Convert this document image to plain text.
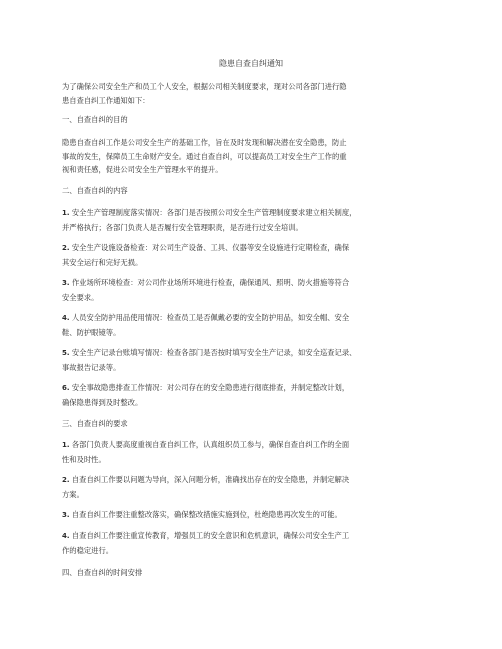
隐患自查自纠通知
为了确保公司安全生产和员工个人安全，根据公司相关制度要求，现对公司各部门进行隐
患自查自纠工作通知如下：
一、自查自纠的目的
隐患自查自纠工作是公司安全生产的基础工作，旨在及时发现和解决潜在安全隐患，防止
事故的发生，保障员工生命财产安全。通过自查自纠，可以提高员工对安全生产工作的重
视和责任感，促进公司安全生产管理水平的提升。
二、自查自纠的内容
1. 安全生产管理制度落实情况：各部门是否按照公司安全生产管理制度要求建立相关制度，
并严格执行；各部门负责人是否履行安全管理职责，是否进行过安全培训。
2. 安全生产设施设备检查：对公司生产设备、工具、仪器等安全设施进行定期检查，确保
其安全运行和完好无损。
3. 作业场所环境检查：对公司作业场所环境进行检查，确保通风、照明、防火措施等符合
安全要求。
4. 人员安全防护用品使用情况：检查员工是否佩戴必要的安全防护用品，如安全帽、安全
鞋、防护眼镜等。
5. 安全生产记录台账填写情况：检查各部门是否按时填写安全生产记录，如安全巡查记录、
事故报告记录等。
6. 安全事故隐患排查工作情况：对公司存在的安全隐患进行彻底排查，并制定整改计划，
确保隐患得到及时整改。
三、自查自纠的要求
1. 各部门负责人要高度重视自查自纠工作，认真组织员工参与，确保自查自纠工作的全面
性和及时性。
2. 自查自纠工作要以问题为导向，深入问题分析，准确找出存在的安全隐患，并制定解决
方案。
3. 自查自纠工作要注重整改落实，确保整改措施实施到位，杜绝隐患再次发生的可能。
4. 自查自纠工作要注重宣传教育，增强员工的安全意识和危机意识，确保公司安全生产工
作的稳定进行。
四、自查自纠的时间安排
